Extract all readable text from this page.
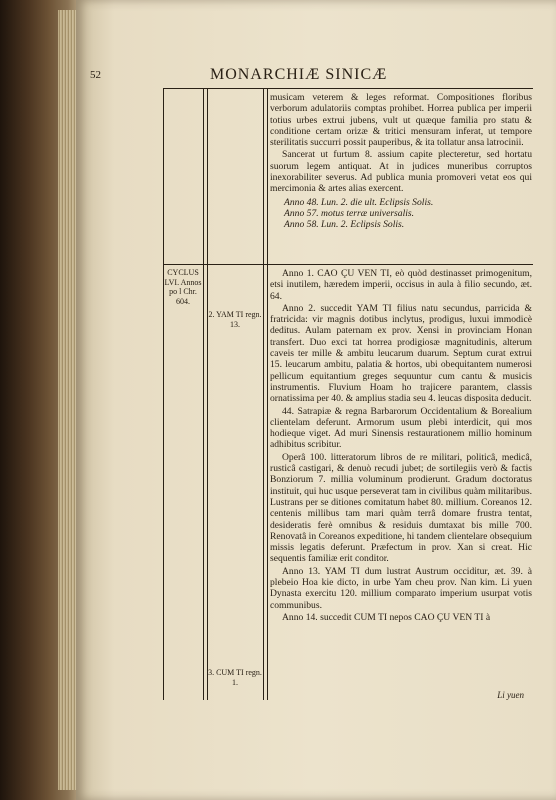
52	MONARCHIÆ SINICÆ

musicam veterem & leges reformat. Compositiones floribus verborum adulatoriis comptas prohibet. Horrea publica per imperii totius urbes extrui jubens, vult ut quæque familia pro statu & conditione certam orizæ & tritici mensuram inferat, ut tempore sterilitatis succurri possit pauperibus, & ita tollatur ansa latrocinii.

Sancerat ut furtum 8. assium capite plecteretur, sed hortatu suorum legem antiquat. At in judices muneribus corruptos inexorabiliter severus. Ad publica munia promoveri vetat eos qui mercimonia & artes alias exercent.

Anno 48. Lun. 2. die ult. Eclipsis Solis.
Anno 57. motus terræ universalis.
Anno 58. Lun. 2. Eclipsis Solis.
CYCLUS LVI. Annos po l Chr. 604.
2. YAM TI regn. 13.
3. CUM TI regn. 1.

Anno 1. CAO ÇU VEN TI, eò quòd destinasset primogenitum, etsi inutilem, hæredem imperii, occisus in aula à filio secundo, æt. 64.

Anno 2. succedit YAM TI filius natu secundus, parricida & fratricida: vir magnis dotibus inclytus, prodigus, luxui immodicè deditus. Aulam paternam ex prov. Xensi in provinciam Honan transfert. Duo exci tat horrea prodigiosæ magnitudinis, alterum caveis ter mille & ambitu leucarum duarum. Septum curat extrui 15. leucarum ambitu, palatia & hortos, ubi obequitantem numerosi pellicum equitantium greges sequuntur cum cantu & musicis instrumentis. Fluvium Hoam ho trajicere parantem, classis ornatissima per 40. & amplius stadia seu 4. leucas disposita deducit.

44. Satrapiæ & regna Barbarorum Occidentalium & Borealium clientelam deferunt. Armorum usum plebi interdicit, qui mos hodieque viget. Ad muri Sinensis restaurationem millio hominum adhibitus scribitur.

Operâ 100. litteratorum libros de re militari, politicâ, medicâ, rusticâ castigari, & denuò recudi jubet; de sortilegiis verò & factis Bonziorum 7. millia voluminum prodierunt. Gradum doctoratus instituit, qui huc usque perseverat tam in civilibus quàm militaribus. Lustrans per se ditiones comitatum habet 80. millium. Coreanos 12. centenis millibus tam mari quàm terrâ domare frustra tentat, desideratis ferè omnibus & residuis dumtaxat bis mille 700. Renovatâ in Coreanos expeditione, hi tandem clientelare obsequium missis legatis deferunt. Præfectum in prov. Xan si creat. Hic sequentis familiæ erit conditor.

Anno 13. YAM TI dum lustrat Austrum occiditur, æt. 39. à plebeio Hoa kie dicto, in urbe Yam cheu prov. Nan kim. Li yuen Dynasta exercitu 120. millium comparato imperium usurpat votis communibus.

Anno 14. succedit CUM TI nepos CAO ÇU VEN TI à

Li yuen
